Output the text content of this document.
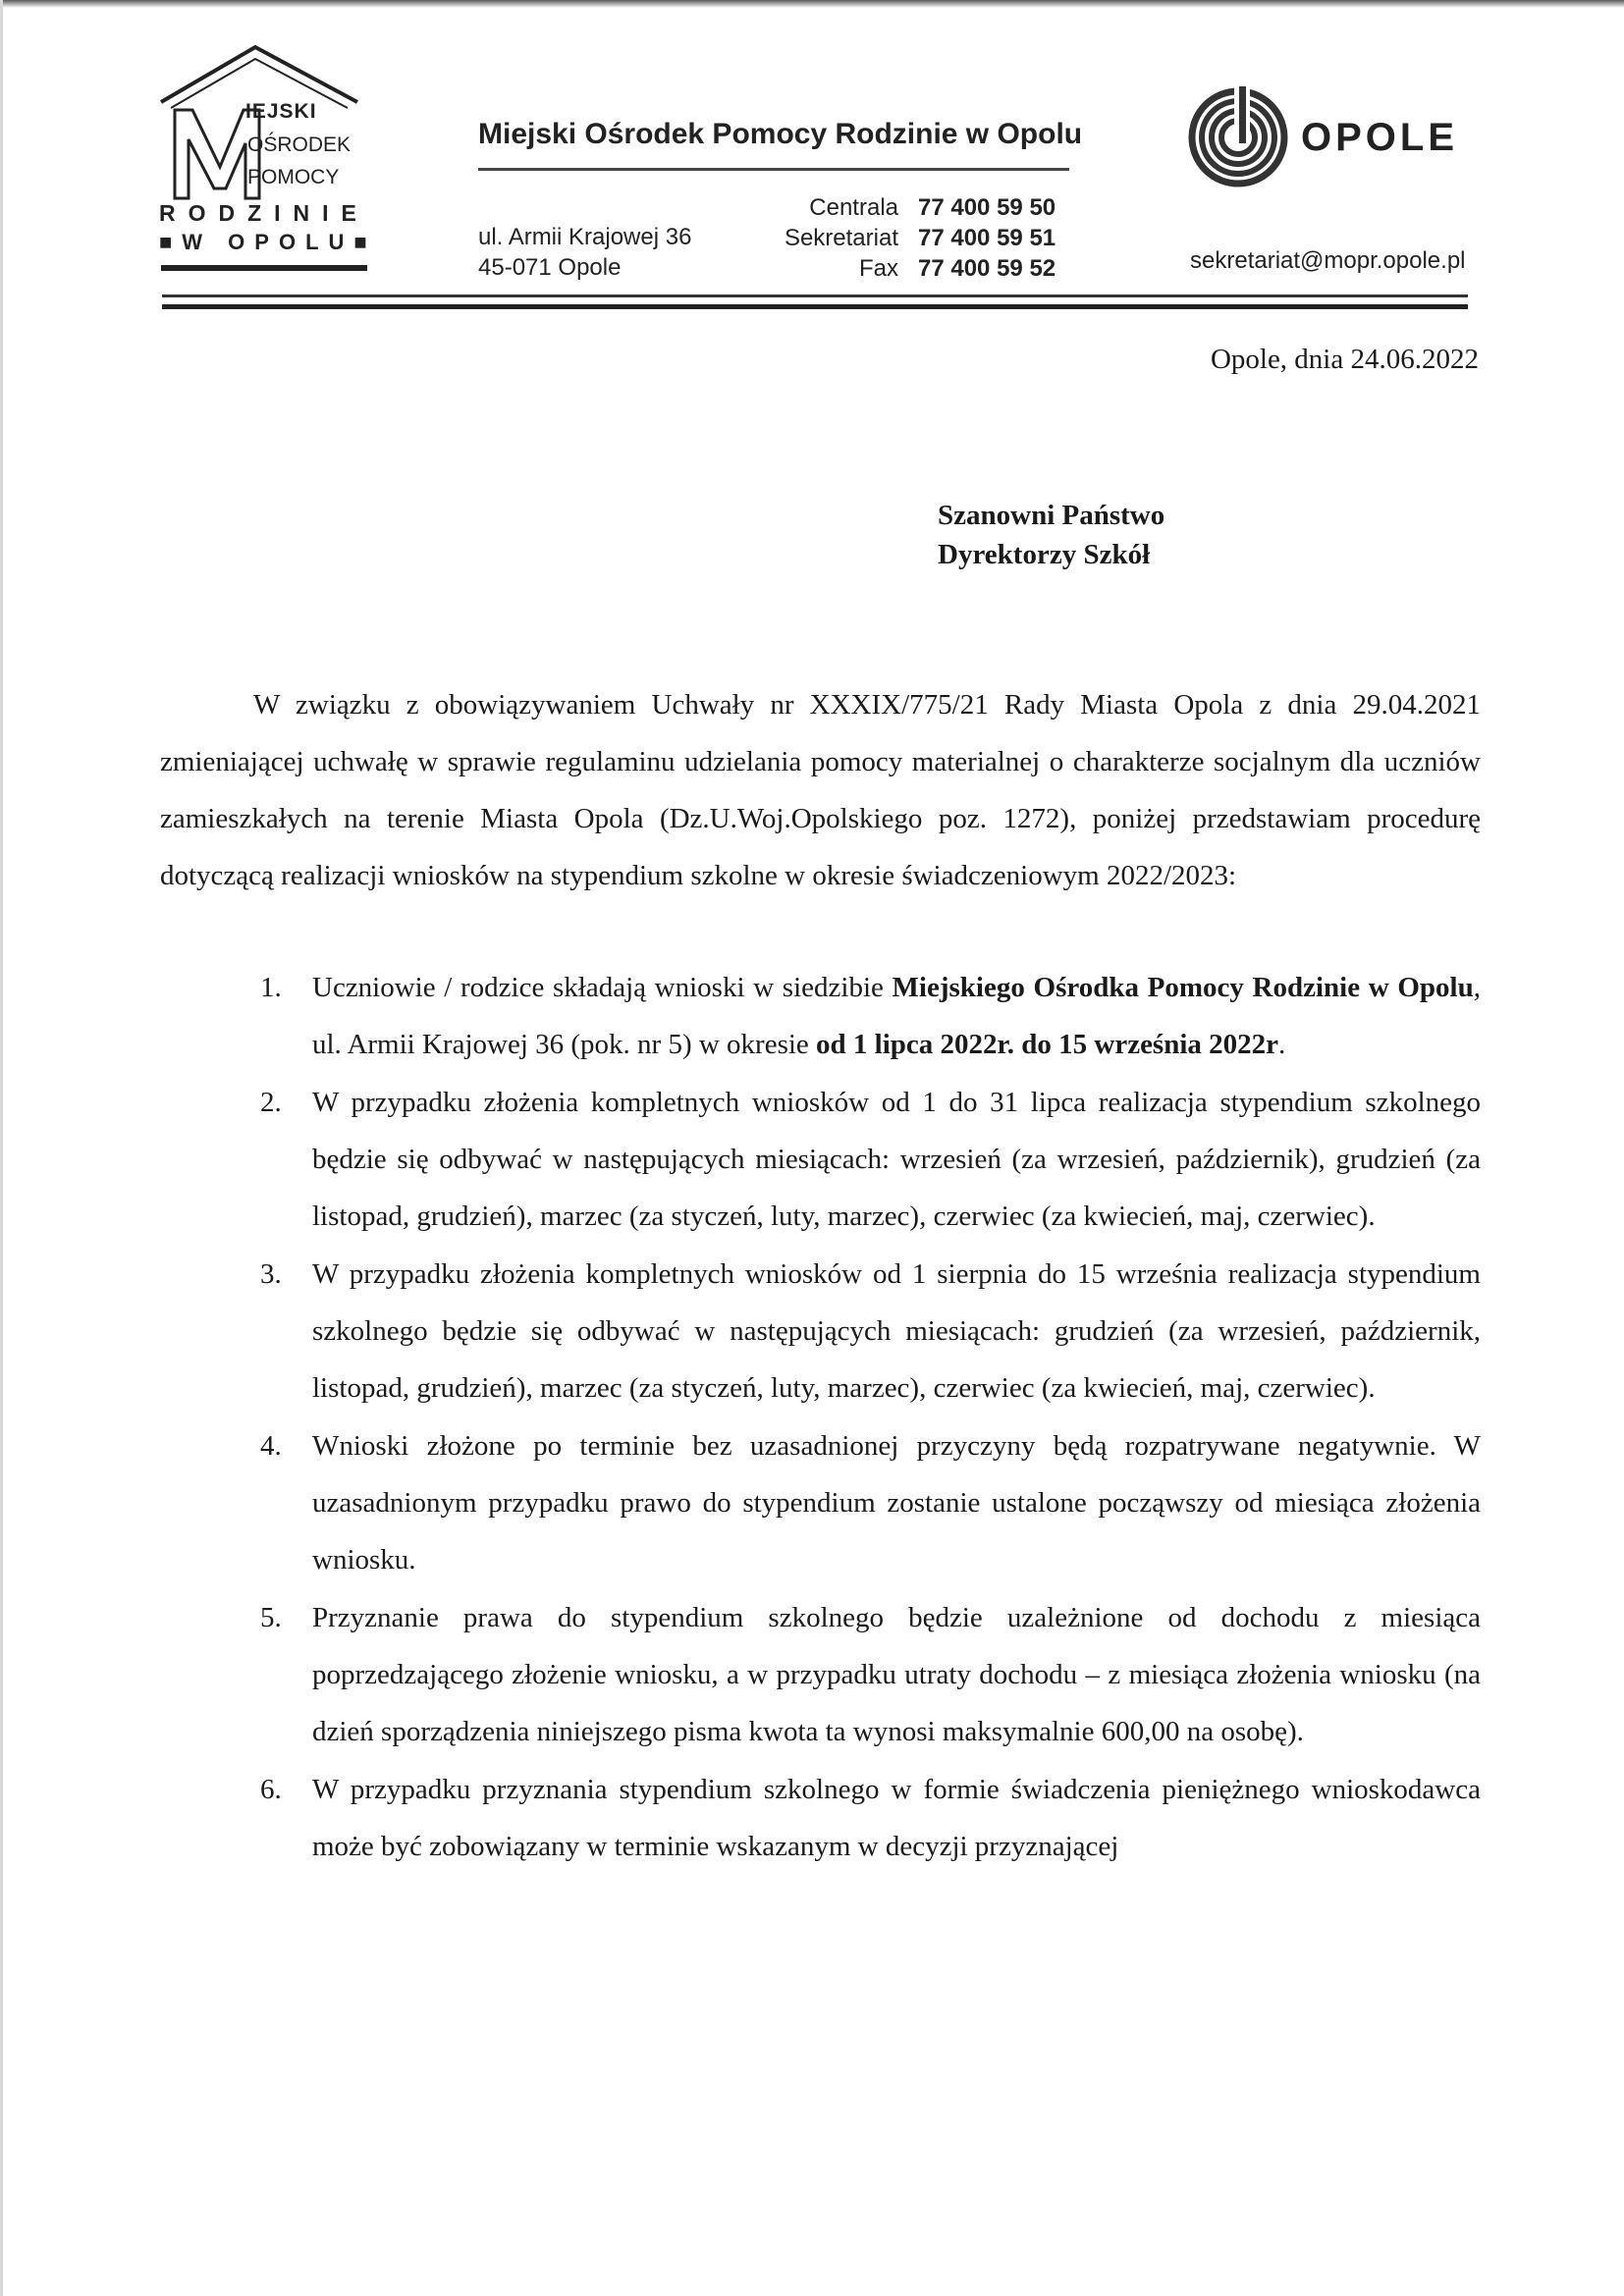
IEJSKI
OŚRODEK
POMOCY
RODZINIE
■W OPOLU■
Miejski Ośrodek Pomocy Rodzinie w Opolu
ul. Armii Krajowej 36
45-071 Opole
Centrala 77 400 59 50
Sekretariat 77 400 59 51
Fax 77 400 59 52
OPOLE
sekretariat@mopr.opole.pl
Opole, dnia 24.06.2022
Szanowni Państwo
Dyrektorzy Szkół

W związku z obowiązywaniem Uchwały nr XXXIX/775/21 Rady Miasta Opola z dnia 29.04.2021 zmieniającej uchwałę w sprawie regulaminu udzielania pomocy materialnej o charakterze socjalnym dla uczniów zamieszkałych na terenie Miasta Opola (Dz.U.Woj.Opolskiego poz. 1272), poniżej przedstawiam procedurę dotyczącą realizacji wniosków na stypendium szkolne w okresie świadczeniowym 2022/2023:

1. Uczniowie / rodzice składają wnioski w siedzibie Miejskiego Ośrodka Pomocy Rodzinie w Opolu, ul. Armii Krajowej 36 (pok. nr 5) w okresie od 1 lipca 2022r. do 15 września 2022r.
2. W przypadku złożenia kompletnych wniosków od 1 do 31 lipca realizacja stypendium szkolnego będzie się odbywać w następujących miesiącach: wrzesień (za wrzesień, październik), grudzień (za listopad, grudzień), marzec (za styczeń, luty, marzec), czerwiec (za kwiecień, maj, czerwiec).
3. W przypadku złożenia kompletnych wniosków od 1 sierpnia do 15 września realizacja stypendium szkolnego będzie się odbywać w następujących miesiącach: grudzień (za wrzesień, październik, listopad, grudzień), marzec (za styczeń, luty, marzec), czerwiec (za kwiecień, maj, czerwiec).
4. Wnioski złożone po terminie bez uzasadnionej przyczyny będą rozpatrywane negatywnie. W uzasadnionym przypadku prawo do stypendium zostanie ustalone począwszy od miesiąca złożenia wniosku.
5. Przyznanie prawa do stypendium szkolnego będzie uzależnione od dochodu z miesiąca poprzedzającego złożenie wniosku, a w przypadku utraty dochodu – z miesiąca złożenia wniosku (na dzień sporządzenia niniejszego pisma kwota ta wynosi maksymalnie 600,00 na osobę).
6. W przypadku przyznania stypendium szkolnego w formie świadczenia pieniężnego wnioskodawca może być zobowiązany w terminie wskazanym w decyzji przyznającej
